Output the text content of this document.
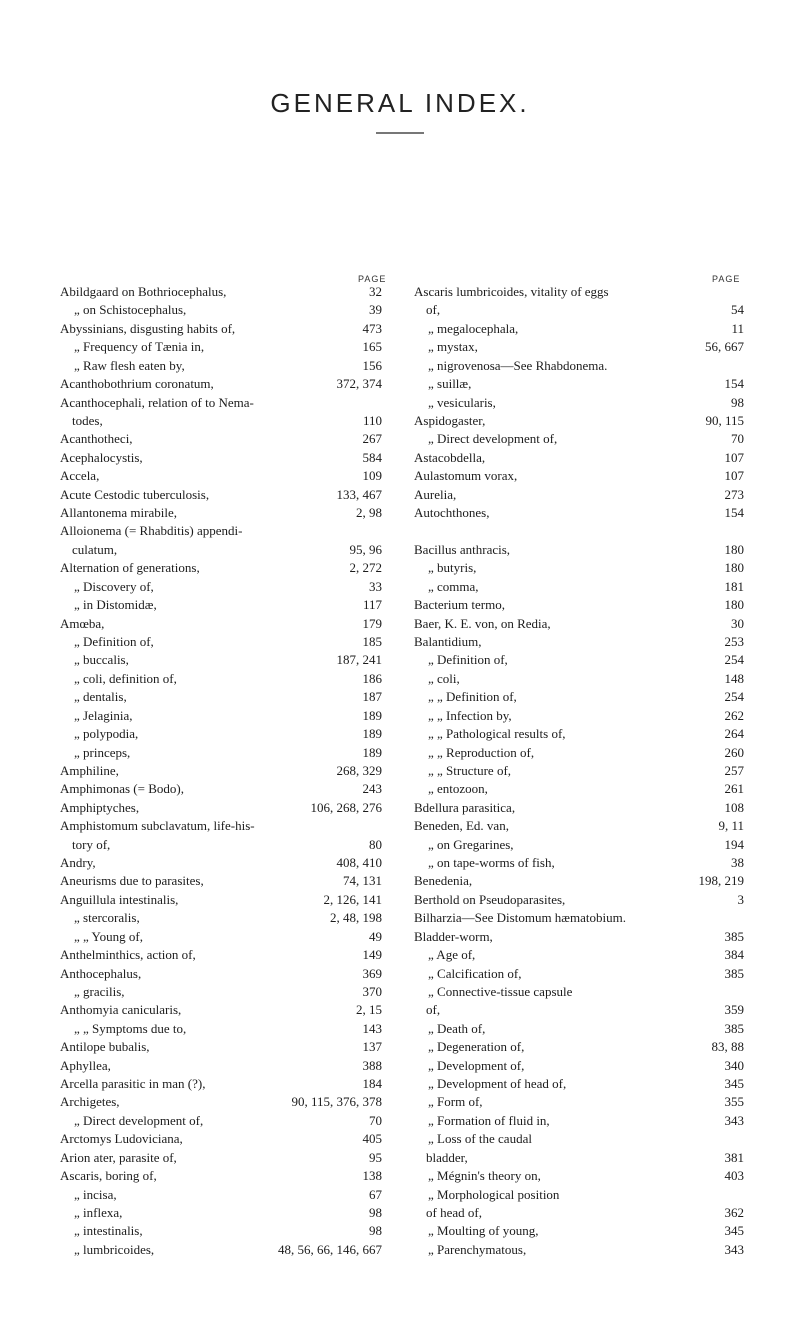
GENERAL INDEX.
PAGE	PAGE
Abildgaard on Bothriocephalus,	32
„ on Schistocephalus,	39
Abyssinians, disgusting habits of,	473
„ Frequency of Tænia in,	165
„ Raw flesh eaten by,	156
Acanthobothrium coronatum,	372, 374
Acanthocephali, relation of to Nema-
todes,	110
Acanthotheci,	267
Acephalocystis,	584
Accela,	109
Acute Cestodic tuberculosis,	133, 467
Allantonema mirabile,	2, 98
Alloionema (= Rhabditis) appendi-
culatum,	95, 96
Alternation of generations,	2, 272
„ Discovery of,	33
„ in Distomidæ,	117
Amœba,	179
„ Definition of,	185
„ buccalis,	187, 241
„ coli, definition of,	186
„ dentalis,	187
„ Jelaginia,	189
„ polypodia,	189
„ princeps,	189
Amphiline,	268, 329
Amphimonas (= Bodo),	243
Amphiptyches,	106, 268, 276
Amphistomum subclavatum, life-his-
tory of,	80
Andry,	408, 410
Aneurisms due to parasites,	74, 131
Anguillula intestinalis,	2, 126, 141
„ stercoralis,	2, 48, 198
„ „ Young of,	49
Anthelminthics, action of,	149
Anthocephalus,	369
„ gracilis,	370
Anthomyia canicularis,	2, 15
„ „ Symptoms due to,	143
Antilope bubalis,	137
Aphyllea,	388
Arcella parasitic in man (?),	184
Archigetes,	90, 115, 376, 378
„ Direct development of,	70
Arctomys Ludoviciana,	405
Arion ater, parasite of,	95
Ascaris, boring of,	138
„ incisa,	67
„ inflexa,	98
„ intestinalis,	98
„ lumbricoides,	48, 56, 66, 146, 667
Ascaris lumbricoides, vitality of eggs
of,	54
„ megalocephala,	11
„ mystax,	56, 667
„ nigrovenosa—See Rhabdonema.
„ suillæ,	154
„ vesicularis,	98
Aspidogaster,	90, 115
„ Direct development of,	70
Astacobdella,	107
Aulastomum vorax,	107
Aurelia,	273
Autochthones,	154
Bacillus anthracis,	180
„ butyris,	180
„ comma,	181
Bacterium termo,	180
Baer, K. E. von, on Redia,	30
Balantidium,	253
„ Definition of,	254
„ coli,	148
„ „ Definition of,	254
„ „ Infection by,	262
„ „ Pathological results of,	264
„ „ Reproduction of,	260
„ „ Structure of,	257
„ entozoon,	261
Bdellura parasitica,	108
Beneden, Ed. van,	9, 11
„ on Gregarines,	194
„ on tape-worms of fish,	38
Benedenia,	198, 219
Berthold on Pseudoparasites,	3
Bilharzia—See Distomum hæmatobium.
Bladder-worm,	385
„ Age of,	384
„ Calcification of,	385
„ Connective-tissue capsule
of,	359
„ Death of,	385
„ Degeneration of,	83, 88
„ Development of,	340
„ Development of head of,	345
„ Form of,	355
„ Formation of fluid in,	343
„ Loss of the caudal
bladder,	381
„ Mégnin's theory on,	403
„ Morphological position
of head of,	362
„ Moulting of young,	345
„ Parenchymatous,	343
